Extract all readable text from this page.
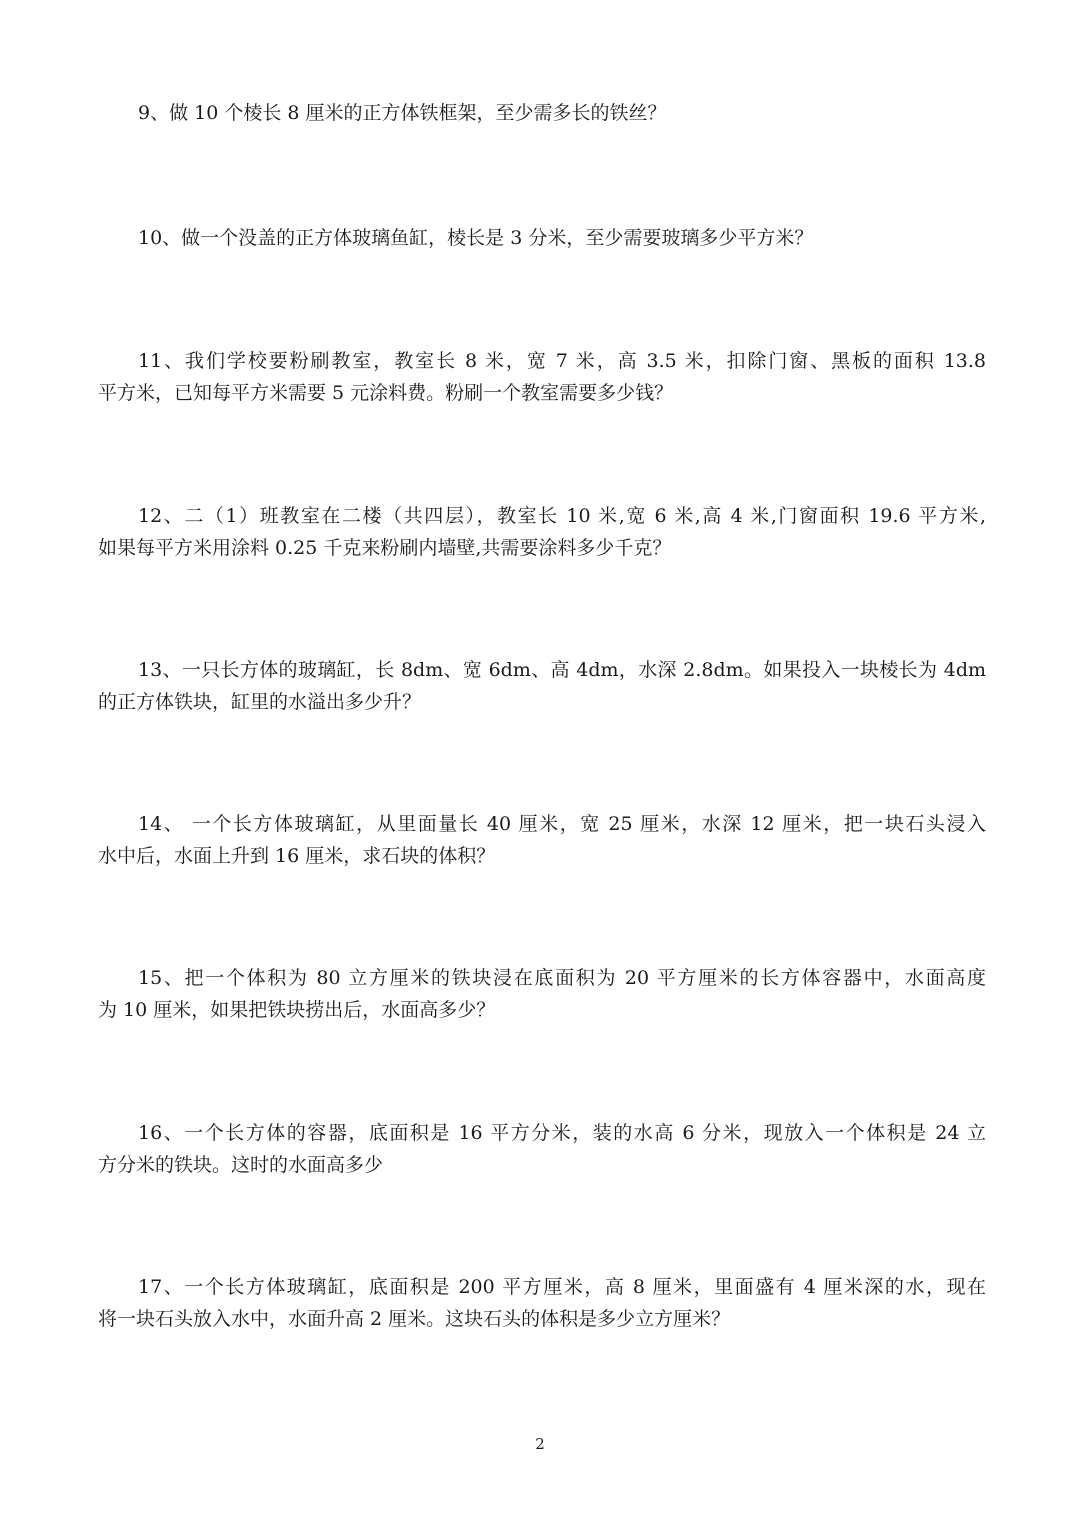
9、做 10 个棱长 8 厘米的正方体铁框架，至少需多长的铁丝？
10、做一个没盖的正方体玻璃鱼缸，棱长是 3 分米，至少需要玻璃多少平方米？
11、我们学校要粉刷教室，教室长 8 米，宽 7 米，高 3.5 米，扣除门窗、黑板的面积 13.8
平方米，已知每平方米需要 5 元涂料费。粉刷一个教室需要多少钱？
12、二（1）班教室在二楼（共四层），教室长 10 米,宽 6 米,高 4 米,门窗面积 19.6 平方米,
如果每平方米用涂料 0.25 千克来粉刷内墙壁,共需要涂料多少千克？
13、一只长方体的玻璃缸，长 8dm、宽 6dm、高 4dm，水深 2.8dm。如果投入一块棱长为 4dm
的正方体铁块，缸里的水溢出多少升？
14、 一个长方体玻璃缸，从里面量长 40 厘米，宽 25 厘米，水深 12 厘米，把一块石头浸入
水中后，水面上升到 16 厘米，求石块的体积？
15、把一个体积为 80 立方厘米的铁块浸在底面积为 20 平方厘米的长方体容器中，水面高度
为 10 厘米，如果把铁块捞出后，水面高多少？
16、一个长方体的容器，底面积是 16 平方分米，装的水高 6 分米，现放入一个体积是 24 立
方分米的铁块。这时的水面高多少
17、一个长方体玻璃缸，底面积是 200 平方厘米，高 8 厘米，里面盛有 4 厘米深的水，现在
将一块石头放入水中，水面升高 2 厘米。这块石头的体积是多少立方厘米？
2
